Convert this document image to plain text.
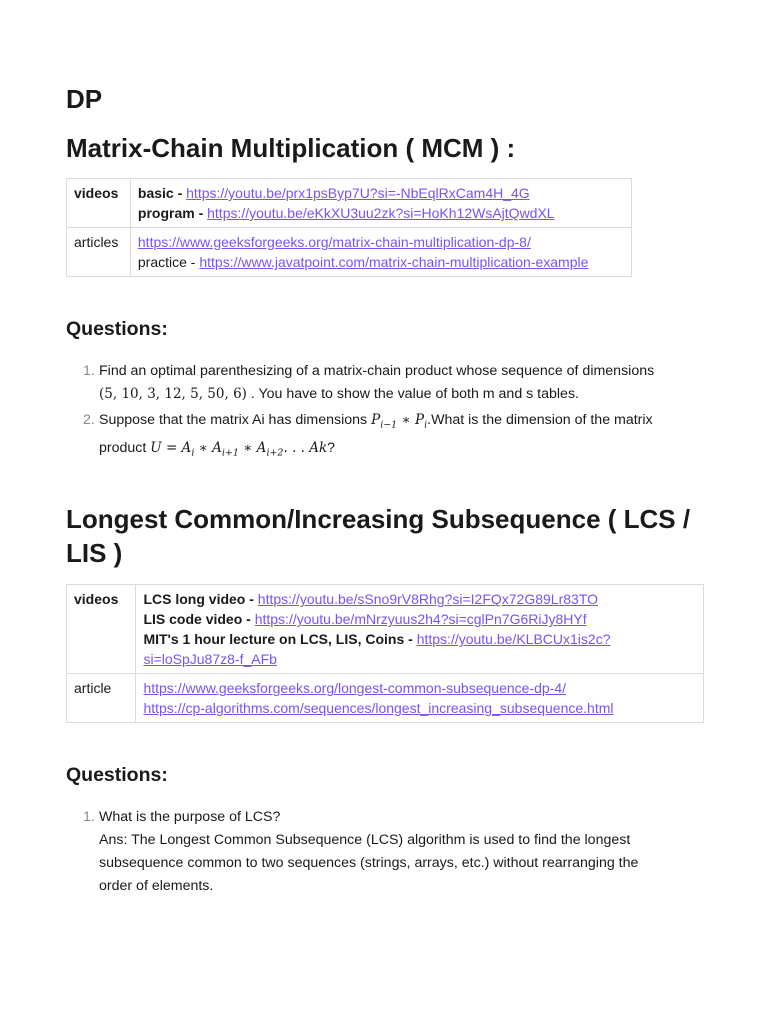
DP
Matrix-Chain Multiplication ( MCM ) :
videos	basic - https://youtu.be/prx1psByp7U?si=-NbEqlRxCam4H_4G
program - https://youtu.be/eKkXU3uu2zk?si=HoKh12WsAjtQwdXL

articles	https://www.geeksforgeeks.org/matrix-chain-multiplication-dp-8/
practice - https://www.javatpoint.com/matrix-chain-multiplication-example
Questions:
1. Find an optimal parenthesizing of a matrix-chain product whose sequence of dimensions
(5, 10, 3, 12, 5, 50, 6) . You have to show the value of both m and s tables.
2. Suppose that the matrix Ai has dimensions $P_{i-1}$ ∗ $P_i.What$ is the dimension of the matrix
product $U = A_i$ ∗ $A_{i+1}$ ∗ $A_{i+2}$. . . Ak?
Longest Common/Increasing Subsequence ( LCS / LIS )
videos	LCS long video - https://youtu.be/sSno9rV8Rhg?si=I2FQx72G89Lr83TO
LIS code video - https://youtu.be/mNrzyuus2h4?si=cglPn7G6RiJy8HYf
MIT's 1 hour lecture on LCS, LIS, Coins - https://youtu.be/KLBCUx1is2c?
si=loSpJu87z8-f_AFb

article	https://www.geeksforgeeks.org/longest-common-subsequence-dp-4/
https://cp-algorithms.com/sequences/longest_increasing_subsequence.html
Questions:
1. What is the purpose of LCS?
Ans: The Longest Common Subsequence (LCS) algorithm is used to find the longest
subsequence common to two sequences (strings, arrays, etc.) without rearranging the
order of elements.
